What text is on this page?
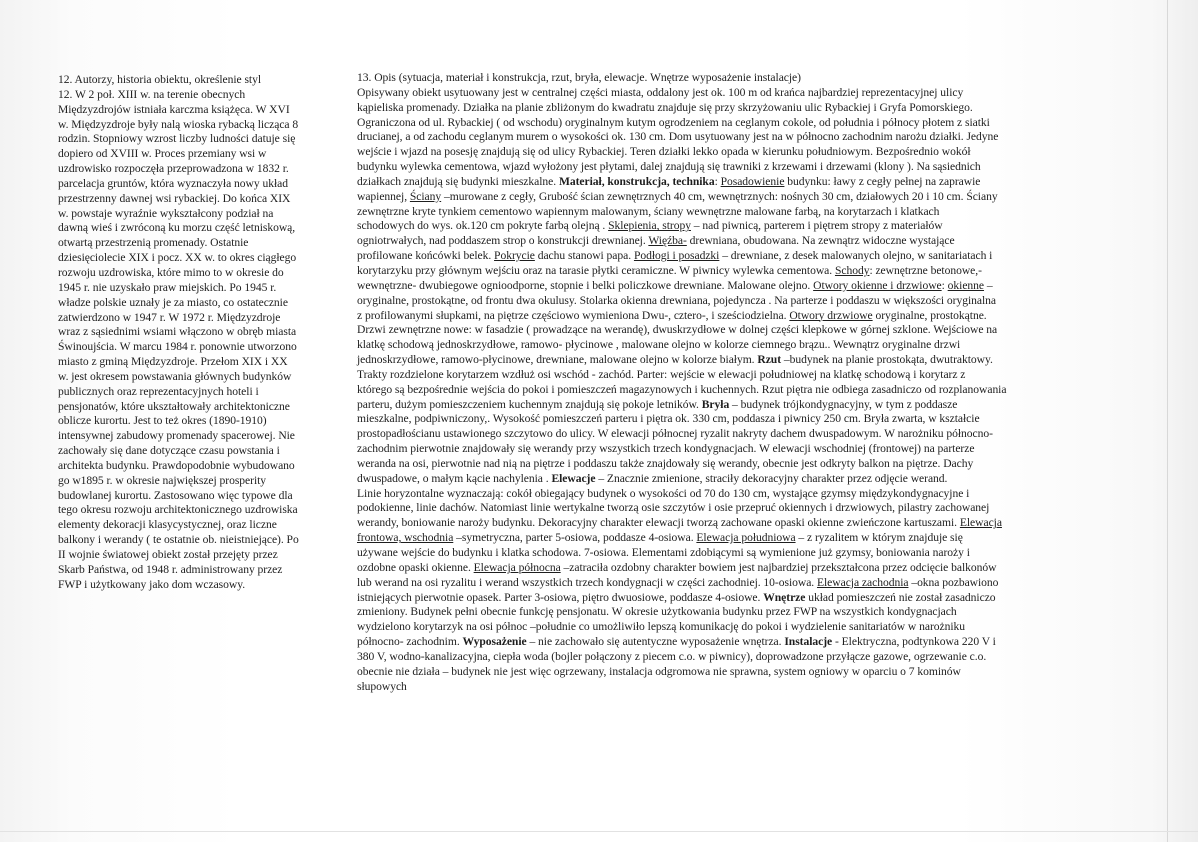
12. Autorzy, historia obiektu, określenie styl
12. W 2 poł. XIII w. na terenie obecnych
Międzyzdrojów istniała karczma książęca. W XVI
w. Międzyzdroje były nalą wioska rybacką licząca 8
rodzin. Stopniowy wzrost liczby ludności datuje się
dopiero od XVIII w. Proces przemiany wsi w
uzdrowisko rozpoczęła przeprowadzona w 1832 r.
parcelacja gruntów, która wyznaczyła nowy układ
przestrzenny dawnej wsi rybackiej. Do końca XIX
w. powstaje wyraźnie wykształcony podział na
dawną wieś i zwróconą ku morzu część letniskową,
otwartą przestrzenią promenady. Ostatnie
dziesięciolecie XIX i pocz. XX w. to okres ciągłego
rozwoju uzdrowiska, które mimo to w okresie do
1945 r. nie uzyskało praw miejskich. Po 1945 r.
władze polskie uznały je za miasto, co ostatecznie
zatwierdzono w 1947 r. W 1972 r. Międzyzdroje
wraz z sąsiednimi wsiami włączono w obręb miasta
Świnoujścia. W marcu 1984 r. ponownie utworzono
miasto z gminą Międzyzdroje. Przełom XIX i XX
w. jest okresem powstawania głównych budynków
publicznych oraz reprezentacyjnych hoteli i
pensjonatów, które ukształtowały architektoniczne
oblicze kurortu. Jest to też okres (1890-1910)
intensywnej zabudowy promenady spacerowej. Nie
zachowały się dane dotyczące czasu powstania i
architekta budynku. Prawdopodobnie wybudowano
go w1895 r. w okresie największej prosperity
budowlanej kurortu. Zastosowano więc typowe dla
tego okresu rozwoju architektonicznego uzdrowiska
elementy dekoracji klasycystycznej, oraz liczne
balkony i werandy ( te ostatnie ob. nieistniejące). Po
II wojnie światowej obiekt został przejęty przez
Skarb Państwa, od 1948 r. administrowany przez
FWP i użytkowany jako dom wczasowy.
13. Opis (sytuacja, materiał i konstrukcja, rzut, bryła, elewacje. Wnętrze wyposażenie instalacje)
Opisywany obiekt usytuowany jest w centralnej części miasta, oddalony jest ok. 100 m od krańca najbardziej reprezentacyjnej ulicy
kąpieliska promenady. Działka na planie zbliżonym do kwadratu znajduje się przy skrzyżowaniu ulic Rybackiej i Gryfa Pomorskiego.
Ograniczona od ul. Rybackiej ( od wschodu) oryginalnym kutym ogrodzeniem na ceglanym cokole, od południa i północy płotem z siatki
drucianej, a od zachodu ceglanym murem o wysokości ok. 130 cm. Dom usytuowany jest na w północno zachodnim narożu działki. Jedyne
wejście i wjazd na posesję znajdują się od ulicy Rybackiej. Teren działki lekko opada w kierunku południowym. Bezpośrednio wokół
budynku wylewka cementowa, wjazd wyłożony jest płytami, dalej znajdują się trawniki z krzewami i drzewami (klony ). Na sąsiednich
działkach znajdują się budynki mieszkalne. Materiał, konstrukcja, technika: Posadowienie budynku: ławy z cegły pełnej na zaprawie
wapiennej, Ściany –murowane z cegły, Grubość ścian zewnętrznych 40 cm, wewnętrznych: nośnych 30 cm, działowych 20 i 10 cm. Ściany
zewnętrzne kryte tynkiem cementowo wapiennym malowanym, ściany wewnętrzne malowane farbą, na korytarzach i klatkach
schodowych do wys. ok.120 cm pokryte farbą olejną . Sklepienia, stropy – nad piwnicą, parterem i piętrem stropy z materiałów
ogniotrwałych, nad poddaszem strop o konstrukcji drewnianej. Więźba- drewniana, obudowana. Na zewnątrz widoczne wystające
profilowane końcówki belek. Pokrycie dachu stanowi papa. Podłogi i posadzki – drewniane, z desek malowanych olejno, w sanitariatach i
korytarzyku przy głównym wejściu oraz na tarasie płytki ceramiczne. W piwnicy wylewka cementowa. Schody: zewnętrzne betonowe,-
wewnętrzne- dwubiegowe ognioodporne, stopnie i belki policzkowe drewniane. Malowane olejno. Otwory okienne i drzwiowe: okienne –
oryginalne, prostokątne, od frontu dwa okulusy. Stolarka okienna drewniana, pojedyncza . Na parterze i poddaszu w większości oryginalna
z profilowanymi słupkami, na piętrze częściowo wymieniona Dwu-, cztero-, i sześciodzielna. Otwory drzwiowe oryginalne, prostokątne.
Drzwi zewnętrzne nowe: w fasadzie ( prowadzące na werandę), dwuskrzydłowe w dolnej części klepkowe w górnej szklone. Wejściowe na
klatkę schodową jednoskrzydłowe, ramowo- płycinowe , malowane olejno w kolorze ciemnego brązu.. Wewnątrz oryginalne drzwi
jednoskrzydłowe, ramowo-płycinowe, drewniane, malowane olejno w kolorze białym. Rzut –budynek na planie prostokąta, dwutraktowy.
Trakty rozdzielone korytarzem wzdłuż osi wschód - zachód. Parter: wejście w elewacji południowej na klatkę schodową i korytarz z
którego są bezpośrednie wejścia do pokoi i pomieszczeń magazynowych i kuchennych. Rzut piętra nie odbiega zasadniczo od rozplanowania
parteru, dużym pomieszczeniem kuchennym znajdują się pokoje letników. Bryła – budynek trójkondygnacyjny, w tym z poddasze
mieszkalne, podpiwniczony,. Wysokość pomieszczeń parteru i piętra ok. 330 cm, poddasza i piwnicy 250 cm. Bryła zwarta, w kształcie
prostopadłościanu ustawionego szczytowo do ulicy. W elewacji północnej ryzalit nakryty dachem dwuspadowym. W narożniku północno-
zachodnim pierwotnie znajdowały się werandy przy wszystkich trzech kondygnacjach. W elewacji wschodniej (frontowej) na parterze
weranda na osi, pierwotnie nad nią na piętrze i poddaszu także znajdowały się werandy, obecnie jest odkryty balkon na piętrze. Dachy
dwuspadowe, o małym kącie nachylenia . Elewacje – Znacznie zmienione, straciły dekoracyjny charakter przez odjęcie werand.
Linie horyzontalne wyznaczają: cokół obiegający budynek o wysokości od 70 do 130 cm, wystające gzymsy międzykondygnacyjne i
podokienne, linie dachów. Natomiast linie wertykalne tworzą osie szczytów i osie przepruć okiennych i drzwiowych, pilastry zachowanej
werandy, boniowanie naroży budynku. Dekoracyjny charakter elewacji tworzą zachowane opaski okienne zwieńczone kartuszami. Elewacja
frontowa, wschodnia –symetryczna, parter 5-osiowa, poddasze 4-osiowa. Elewacja południowa – z ryzalitem w którym znajduje się
używane wejście do budynku i klatka schodowa. 7-osiowa. Elementami zdobiącymi są wymienione już gzymsy, boniowania naroży i
ozdobne opaski okienne. Elewacja północna –zatraciła ozdobny charakter bowiem jest najbardziej przekształcona przez odcięcie balkonów
lub werand na osi ryzalitu i werand wszystkich trzech kondygnacji w części zachodniej. 10-osiowa. Elewacja zachodnia –okna pozbawiono
istniejących pierwotnie opasek. Parter 3-osiowa, piętro dwuosiowe, poddasze 4-osiowe. Wnętrze układ pomieszczeń nie został zasadniczo
zmieniony. Budynek pełni obecnie funkcję pensjonatu. W okresie użytkowania budynku przez FWP na wszystkich kondygnacjach
wydzielono korytarzyk na osi północ –południe co umożliwiło lepszą komunikację do pokoi i wydzielenie sanitariatów w narożniku
północno- zachodnim. Wyposażenie – nie zachowało się autentyczne wyposażenie wnętrza. Instalacje - Elektryczna, podtynkowa 220 V i
380 V, wodno-kanalizacyjna, ciepła woda (bojler połączony z piecem c.o. w piwnicy), doprowadzone przyłącze gazowe, ogrzewanie c.o.
obecnie nie działa – budynek nie jest więc ogrzewany, instalacja odgromowa nie sprawna, system ogniowy w oparciu o 7 kominów
słupowych
